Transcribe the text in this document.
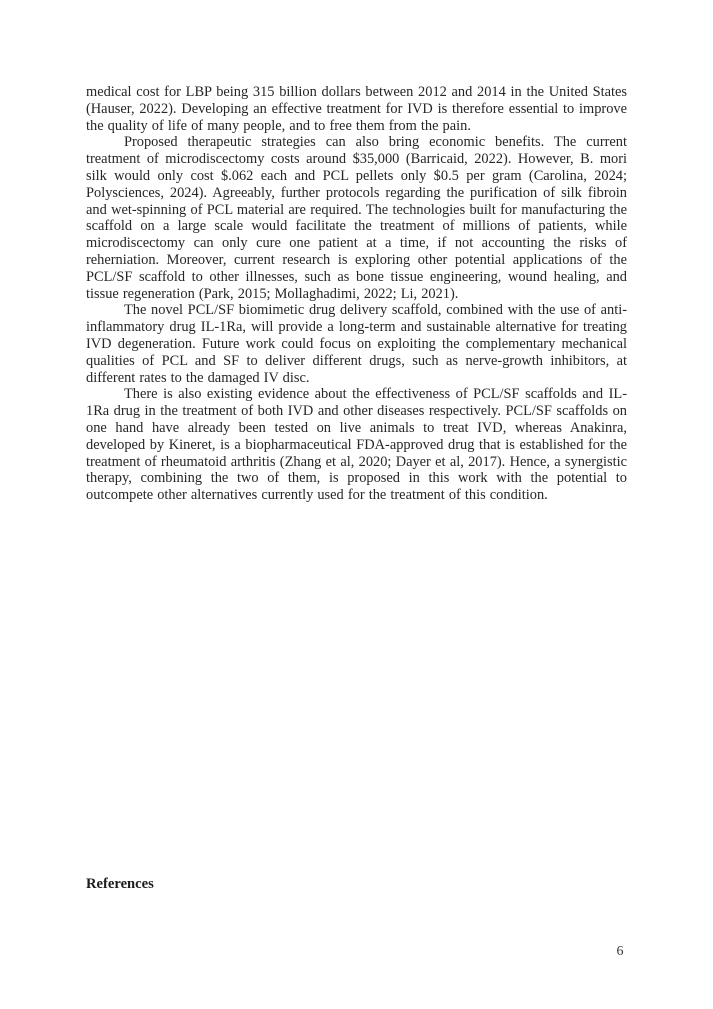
medical cost for LBP being 315 billion dollars between 2012 and 2014 in the United States (Hauser, 2022). Developing an effective treatment for IVD is therefore essential to improve the quality of life of many people, and to free them from the pain.

Proposed therapeutic strategies can also bring economic benefits. The current treatment of microdiscectomy costs around $35,000 (Barricaid, 2022). However, B. mori silk would only cost $.062 each and PCL pellets only $0.5 per gram (Carolina, 2024; Polysciences, 2024). Agreeably, further protocols regarding the purification of silk fibroin and wet-spinning of PCL material are required. The technologies built for manufacturing the scaffold on a large scale would facilitate the treatment of millions of patients, while microdiscectomy can only cure one patient at a time, if not accounting the risks of reherniation. Moreover, current research is exploring other potential applications of the PCL/SF scaffold to other illnesses, such as bone tissue engineering, wound healing, and tissue regeneration (Park, 2015; Mollaghadimi, 2022; Li, 2021).

The novel PCL/SF biomimetic drug delivery scaffold, combined with the use of anti-inflammatory drug IL-1Ra, will provide a long-term and sustainable alternative for treating IVD degeneration. Future work could focus on exploiting the complementary mechanical qualities of PCL and SF to deliver different drugs, such as nerve-growth inhibitors, at different rates to the damaged IV disc.

There is also existing evidence about the effectiveness of PCL/SF scaffolds and IL-1Ra drug in the treatment of both IVD and other diseases respectively. PCL/SF scaffolds on one hand have already been tested on live animals to treat IVD, whereas Anakinra, developed by Kineret, is a biopharmaceutical FDA-approved drug that is established for the treatment of rheumatoid arthritis (Zhang et al, 2020; Dayer et al, 2017). Hence, a synergistic therapy, combining the two of them, is proposed in this work with the potential to outcompete other alternatives currently used for the treatment of this condition.

References
6
